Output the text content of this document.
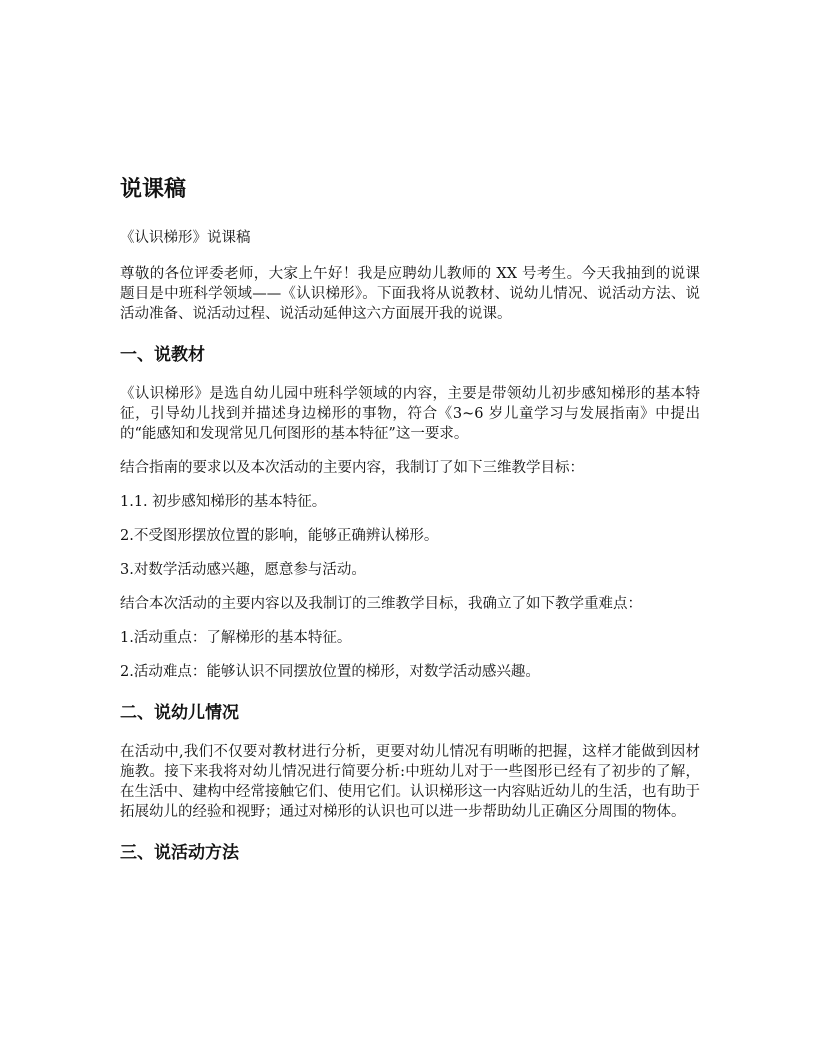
说课稿
《认识梯形》说课稿

尊敬的各位评委老师，大家上午好！我是应聘幼儿教师的 XX 号考生。今天我抽到的说课题目是中班科学领域——《认识梯形》。下面我将从说教材、说幼儿情况、说活动方法、说活动准备、说活动过程、说活动延伸这六方面展开我的说课。

一、说教材

《认识梯形》是选自幼儿园中班科学领域的内容，主要是带领幼儿初步感知梯形的基本特征，引导幼儿找到并描述身边梯形的事物，符合《3~6 岁儿童学习与发展指南》中提出的“能感知和发现常见几何图形的基本特征”这一要求。

结合指南的要求以及本次活动的主要内容，我制订了如下三维教学目标：

1.1. 初步感知梯形的基本特征。

2.不受图形摆放位置的影响，能够正确辨认梯形。

3.对数学活动感兴趣，愿意参与活动。

结合本次活动的主要内容以及我制订的三维教学目标，我确立了如下教学重难点：

1.活动重点：了解梯形的基本特征。

2.活动难点：能够认识不同摆放位置的梯形，对数学活动感兴趣。

二、说幼儿情况

在活动中,我们不仅要对教材进行分析，更要对幼儿情况有明晰的把握，这样才能做到因材施教。接下来我将对幼儿情况进行简要分析:中班幼儿对于一些图形已经有了初步的了解，在生活中、建构中经常接触它们、使用它们。认识梯形这一内容贴近幼儿的生活，也有助于拓展幼儿的经验和视野；通过对梯形的认识也可以进一步帮助幼儿正确区分周围的物体。

三、说活动方法
